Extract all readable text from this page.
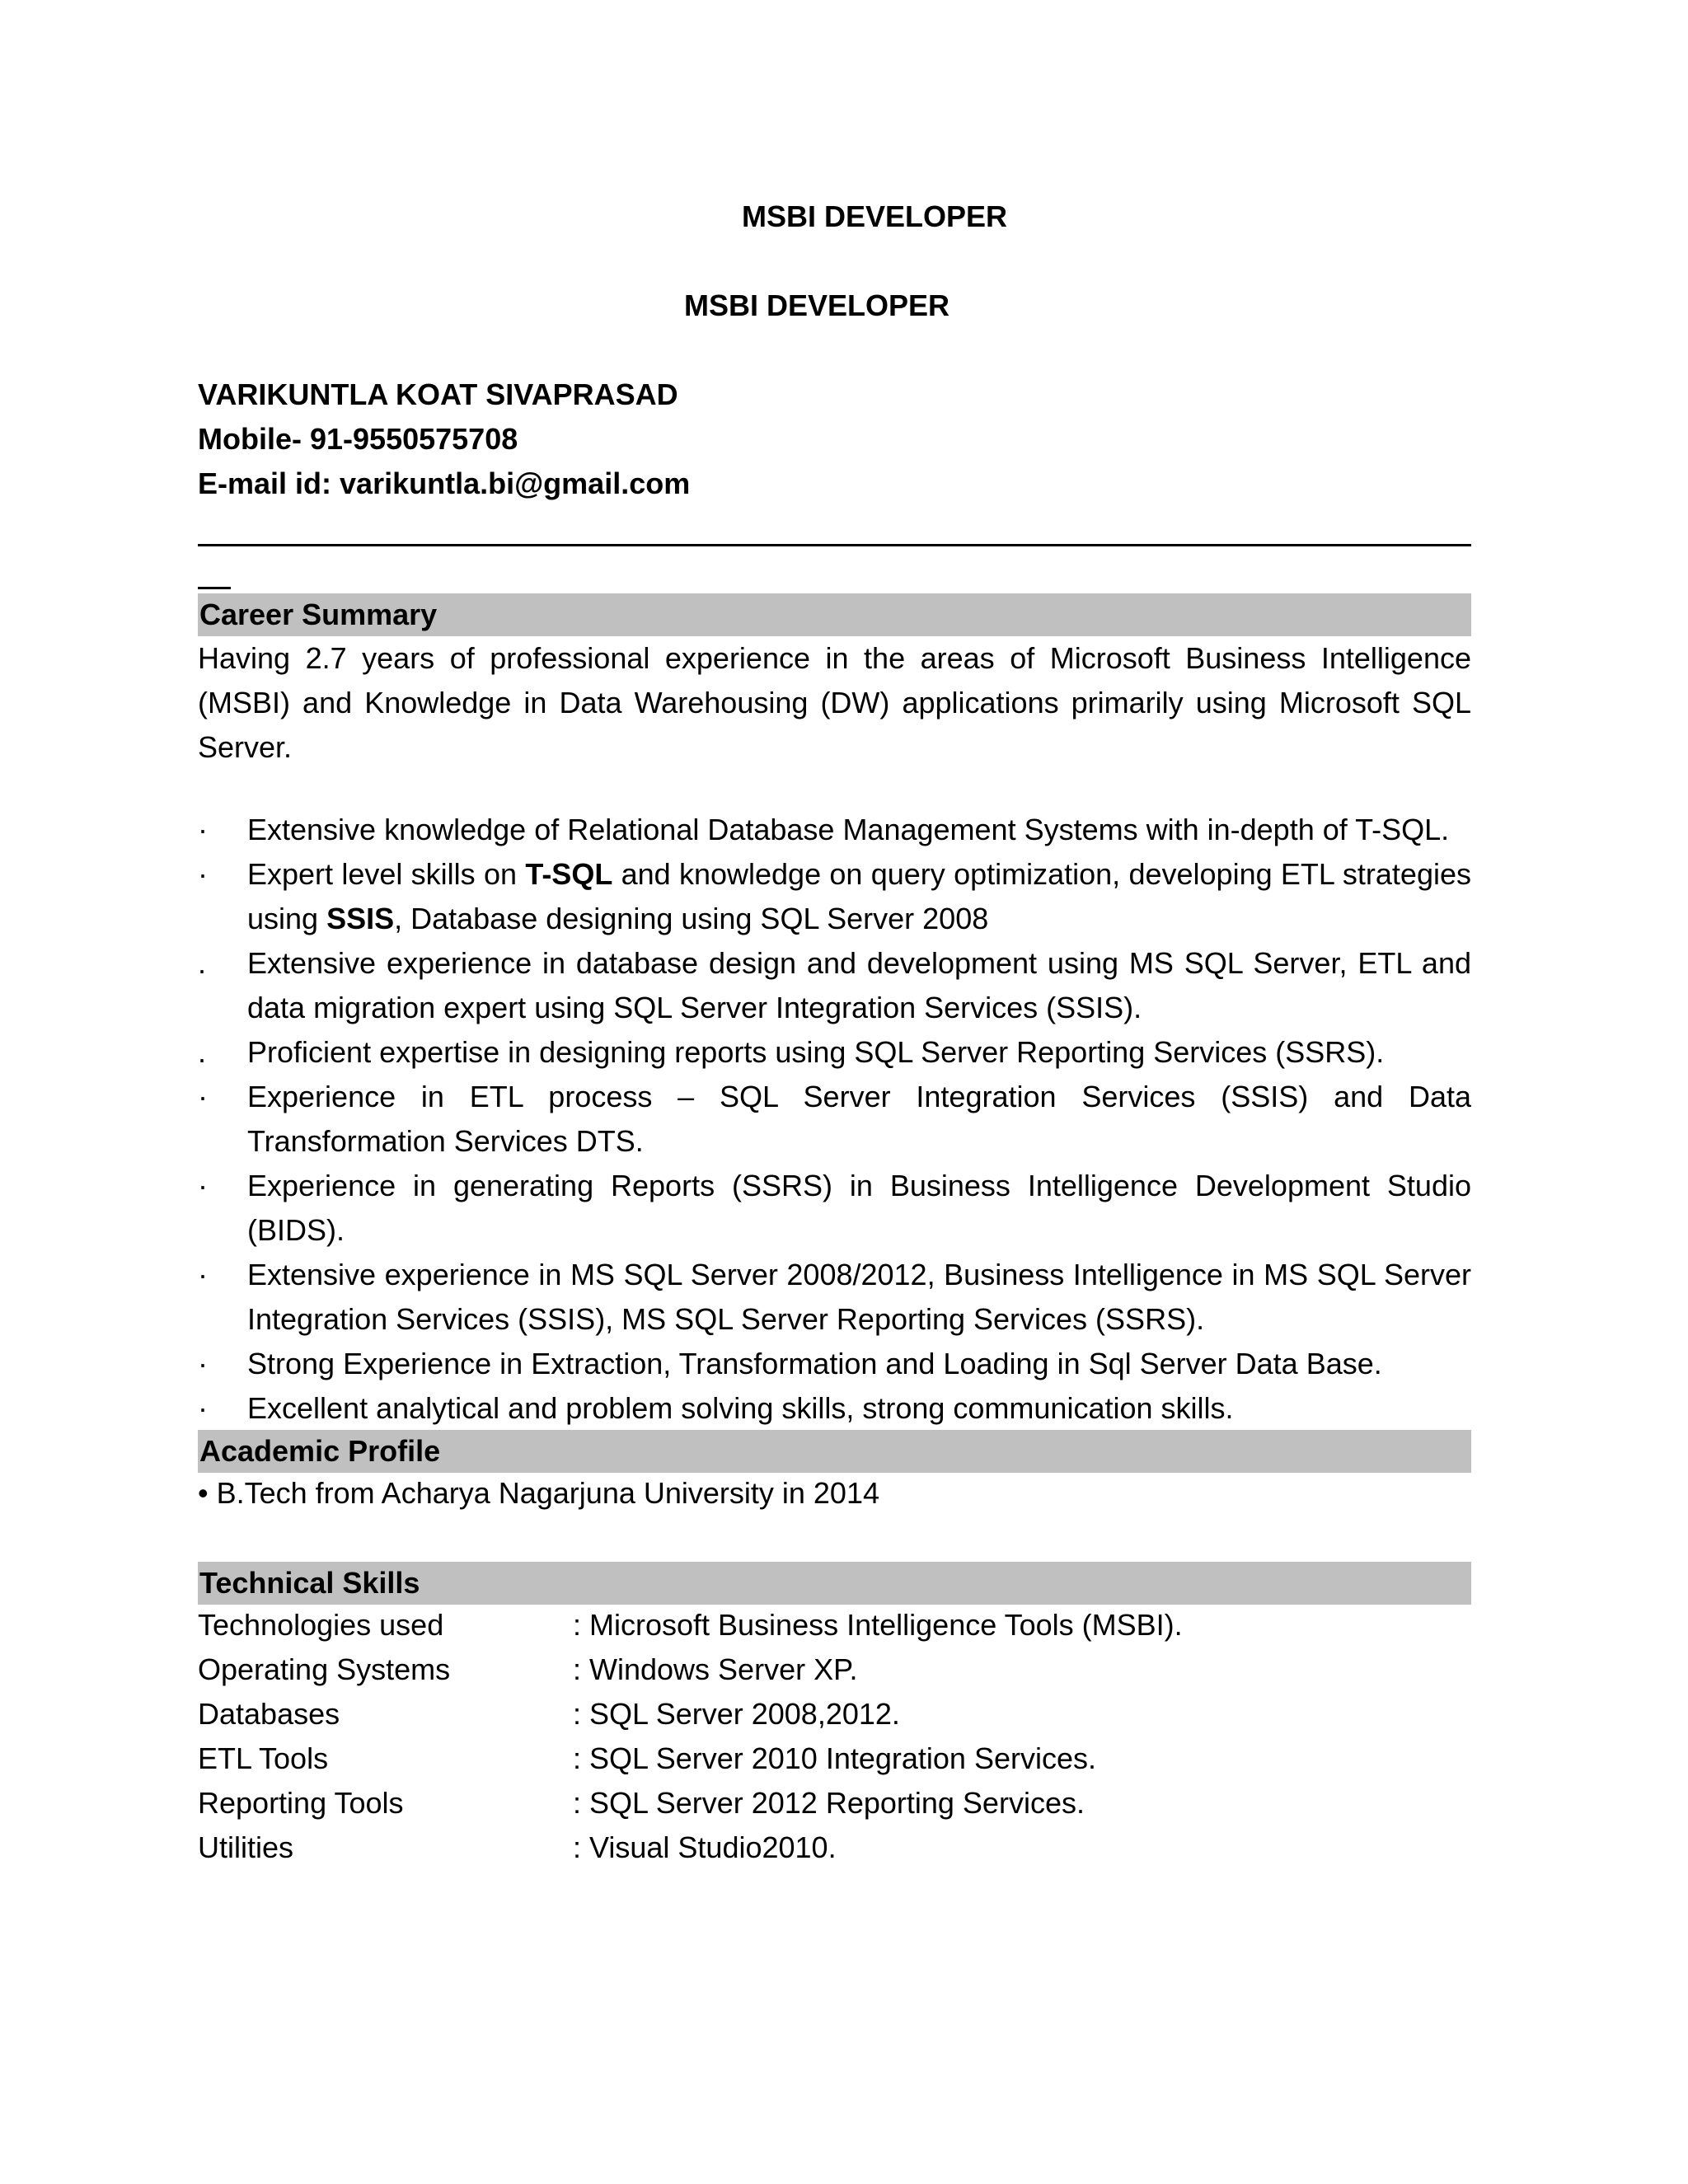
MSBI DEVELOPER
MSBI DEVELOPER
VARIKUNTLA KOAT SIVAPRASAD
Mobile- 91-9550575708
E-mail id: varikuntla.bi@gmail.com
Career Summary
Having 2.7 years of professional experience in the areas of Microsoft Business Intelligence (MSBI) and Knowledge in Data Warehousing (DW) applications primarily using Microsoft SQL Server.
·	Extensive knowledge of Relational Database Management Systems with in-depth of T-SQL.
·	Expert level skills on T-SQL and knowledge on query optimization, developing ETL strategies using SSIS, Database designing using SQL Server 2008
.	Extensive experience in database design and development using MS SQL Server, ETL and data migration expert using SQL Server Integration Services (SSIS).
.	Proficient expertise in designing reports using SQL Server Reporting Services (SSRS).
·	Experience in ETL process – SQL Server Integration Services (SSIS) and Data Transformation Services DTS.
·	Experience in generating Reports (SSRS) in Business Intelligence Development Studio (BIDS).
·	Extensive experience in MS SQL Server 2008/2012, Business Intelligence in MS SQL Server Integration Services (SSIS), MS SQL Server Reporting Services (SSRS).
·	Strong Experience in Extraction, Transformation and Loading in Sql Server Data Base.
·	Excellent analytical and problem solving skills, strong communication skills.
Academic Profile
• B.Tech from Acharya Nagarjuna University in 2014
Technical Skills
Technologies used	: Microsoft Business Intelligence Tools (MSBI).
Operating Systems	: Windows Server XP.
Databases	: SQL Server 2008,2012.
ETL Tools	: SQL Server 2010 Integration Services.
Reporting Tools	: SQL Server 2012 Reporting Services.
Utilities	: Visual Studio2010.
